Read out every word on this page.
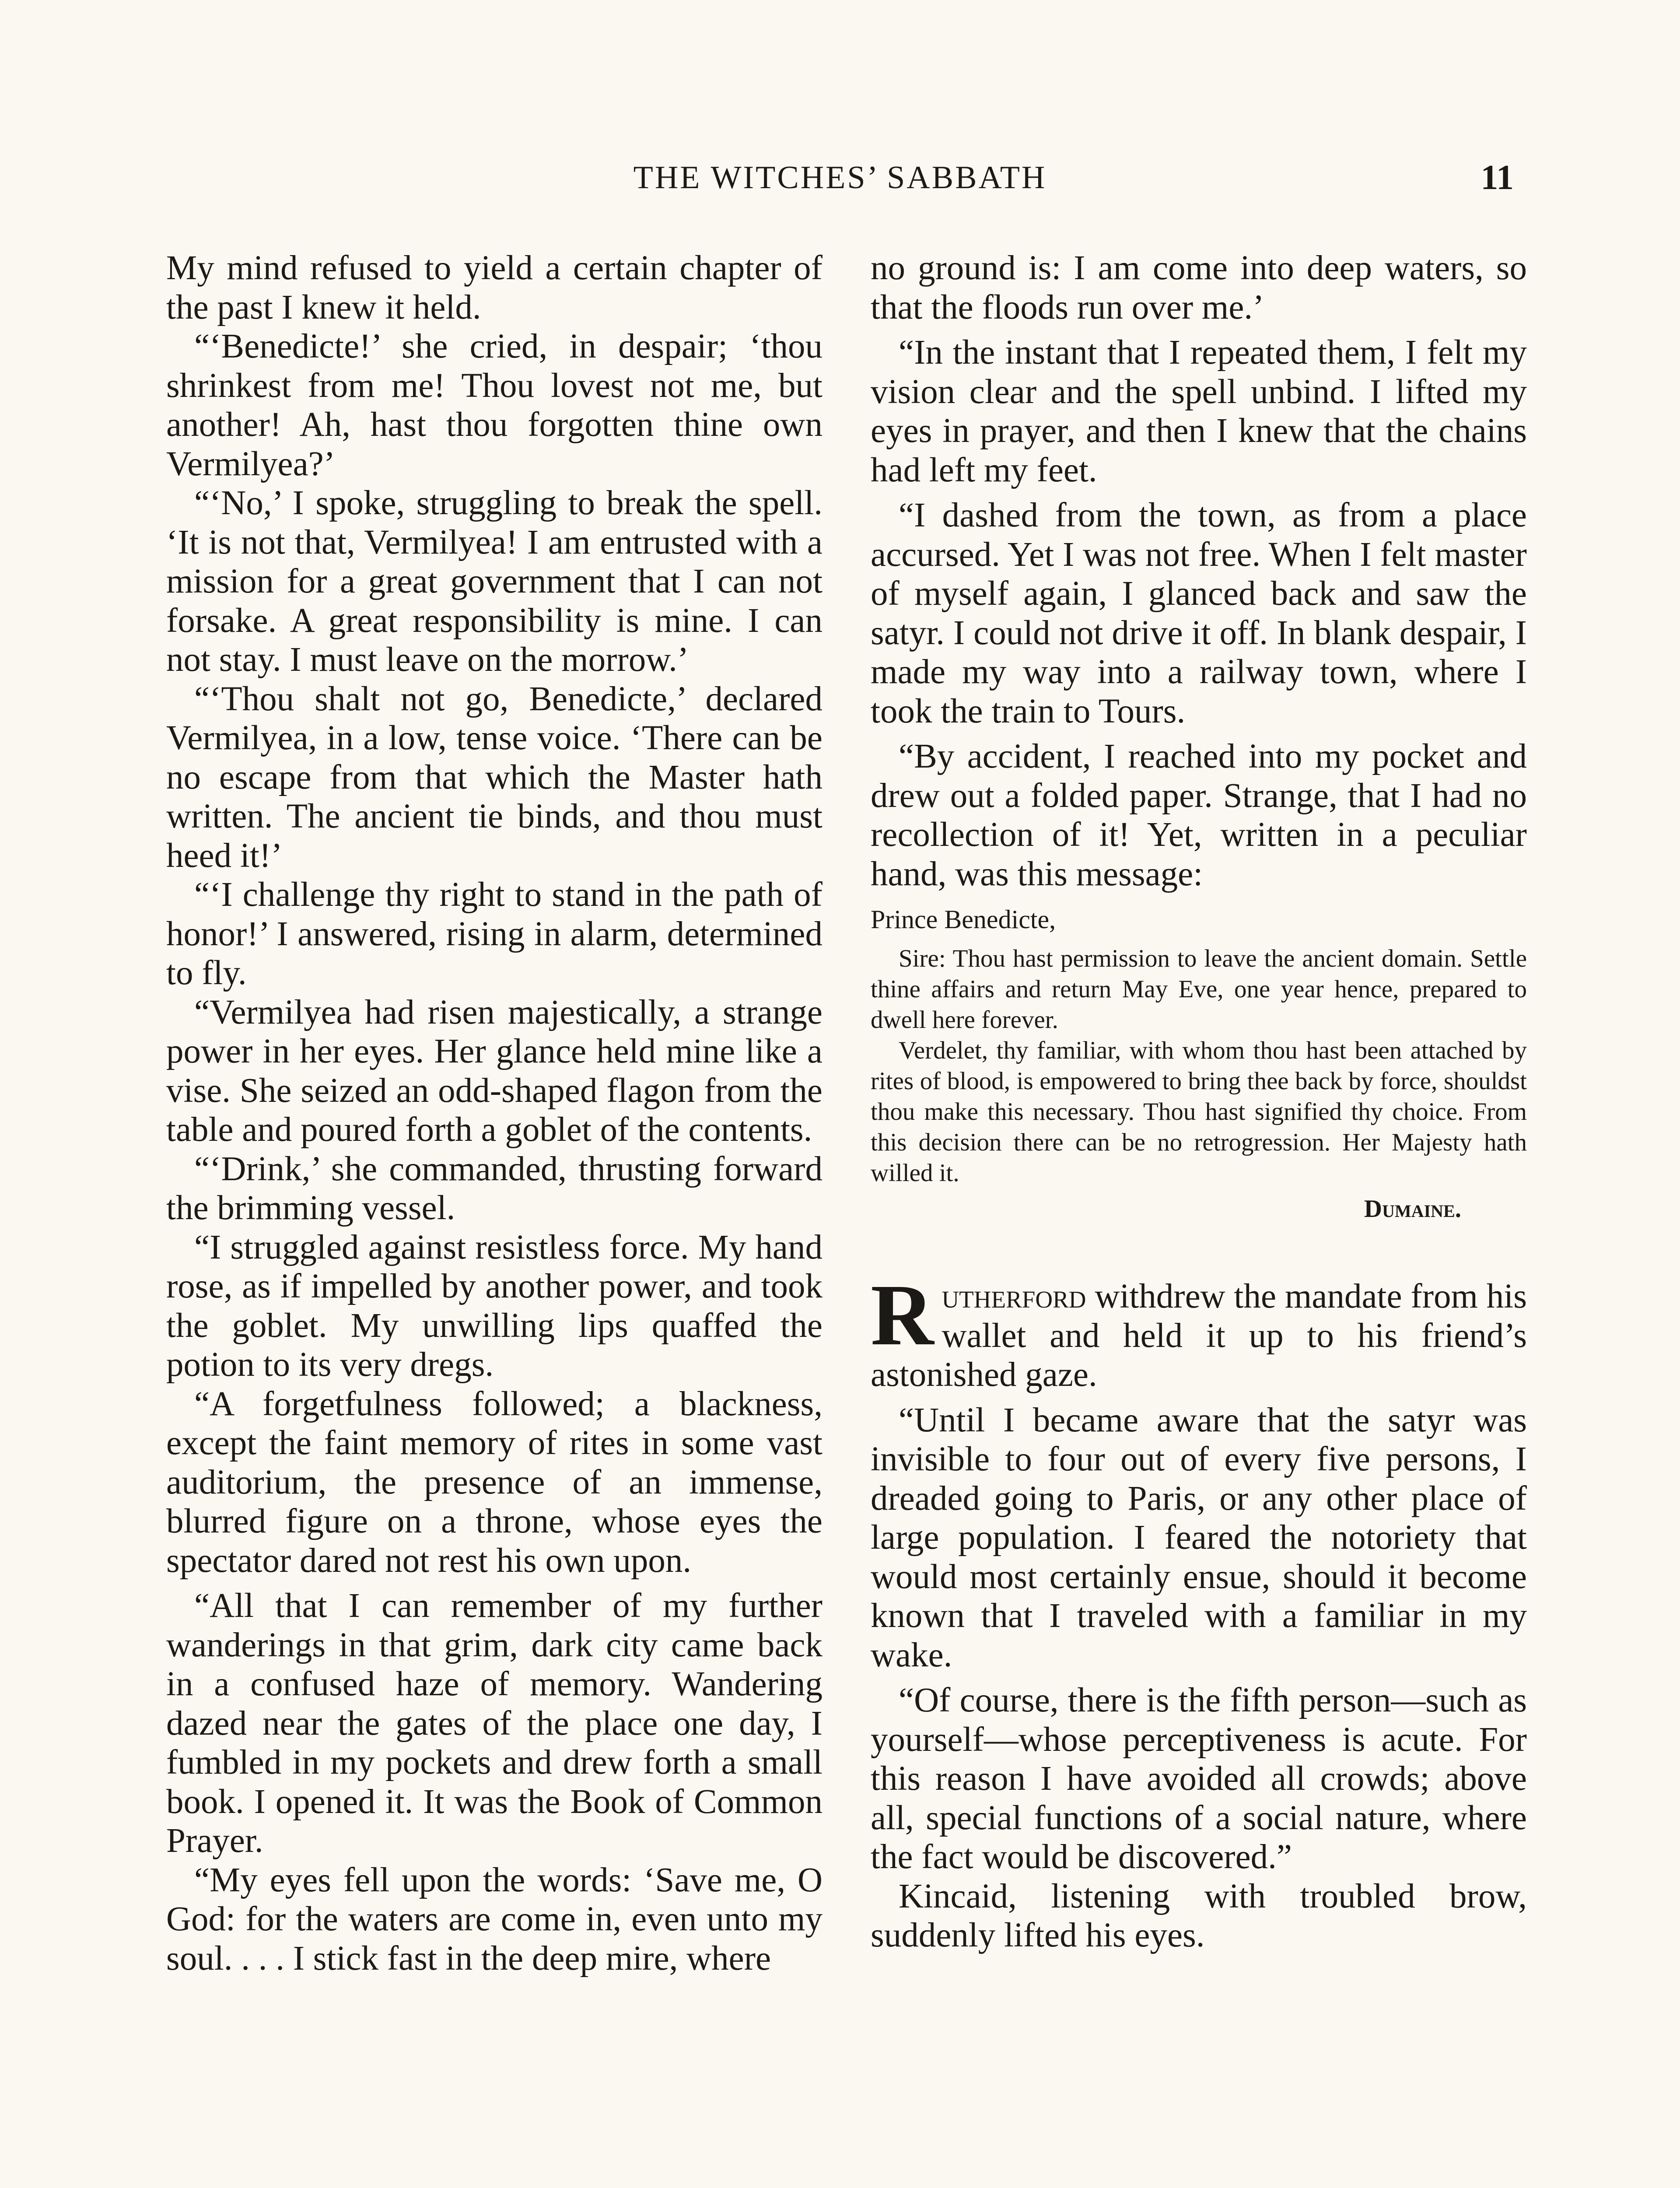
THE WITCHES’ SABBATH	11

My mind refused to yield a certain chapter of the past I knew it held.

“‘Benedicte!’ she cried, in despair; ‘thou shrinkest from me! Thou lovest not me, but another! Ah, hast thou forgotten thine own Vermilyea?’

“‘No,’ I spoke, struggling to break the spell. ‘It is not that, Vermilyea! I am entrusted with a mission for a great government that I can not forsake. A great responsibility is mine. I can not stay. I must leave on the morrow.’

“‘Thou shalt not go, Benedicte,’ declared Vermilyea, in a low, tense voice. ‘There can be no escape from that which the Master hath written. The ancient tie binds, and thou must heed it!’

“‘I challenge thy right to stand in the path of honor!’ I answered, rising in alarm, determined to fly.

“Vermilyea had risen majestically, a strange power in her eyes. Her glance held mine like a vise. She seized an odd-shaped flagon from the table and poured forth a goblet of the contents.

“‘Drink,’ she commanded, thrusting forward the brimming vessel.

“I struggled against resistless force. My hand rose, as if impelled by another power, and took the goblet. My unwilling lips quaffed the potion to its very dregs.

“A forgetfulness followed; a blackness, except the faint memory of rites in some vast auditorium, the presence of an immense, blurred figure on a throne, whose eyes the spectator dared not rest his own upon.

“All that I can remember of my further wanderings in that grim, dark city came back in a confused haze of memory. Wandering dazed near the gates of the place one day, I fumbled in my pockets and drew forth a small book. I opened it. It was the Book of Common Prayer.

“My eyes fell upon the words: ‘Save me, O God: for the waters are come in, even unto my soul. . . . I stick fast in the deep mire, where

no ground is: I am come into deep waters, so that the floods run over me.’

“In the instant that I repeated them, I felt my vision clear and the spell unbind. I lifted my eyes in prayer, and then I knew that the chains had left my feet.

“I dashed from the town, as from a place accursed. Yet I was not free. When I felt master of myself again, I glanced back and saw the satyr. I could not drive it off. In blank despair, I made my way into a railway town, where I took the train to Tours.

“By accident, I reached into my pocket and drew out a folded paper. Strange, that I had no recollection of it! Yet, written in a peculiar hand, was this message:

Prince Benedicte,

Sire: Thou hast permission to leave the ancient domain. Settle thine affairs and return May Eve, one year hence, prepared to dwell here forever.

Verdelet, thy familiar, with whom thou hast been attached by rites of blood, is empowered to bring thee back by force, shouldst thou make this necessary. Thou hast signified thy choice. From this decision there can be no retrogression. Her Majesty hath willed it.

Dumaine.

Rutherford withdrew the mandate from his wallet and held it up to his friend’s astonished gaze.

“Until I became aware that the satyr was invisible to four out of every five persons, I dreaded going to Paris, or any other place of large population. I feared the notoriety that would most certainly ensue, should it become known that I traveled with a familiar in my wake.

“Of course, there is the fifth person—such as yourself—whose perceptiveness is acute. For this reason I have avoided all crowds; above all, special functions of a social nature, where the fact would be discovered.”

Kincaid, listening with troubled brow, suddenly lifted his eyes.
